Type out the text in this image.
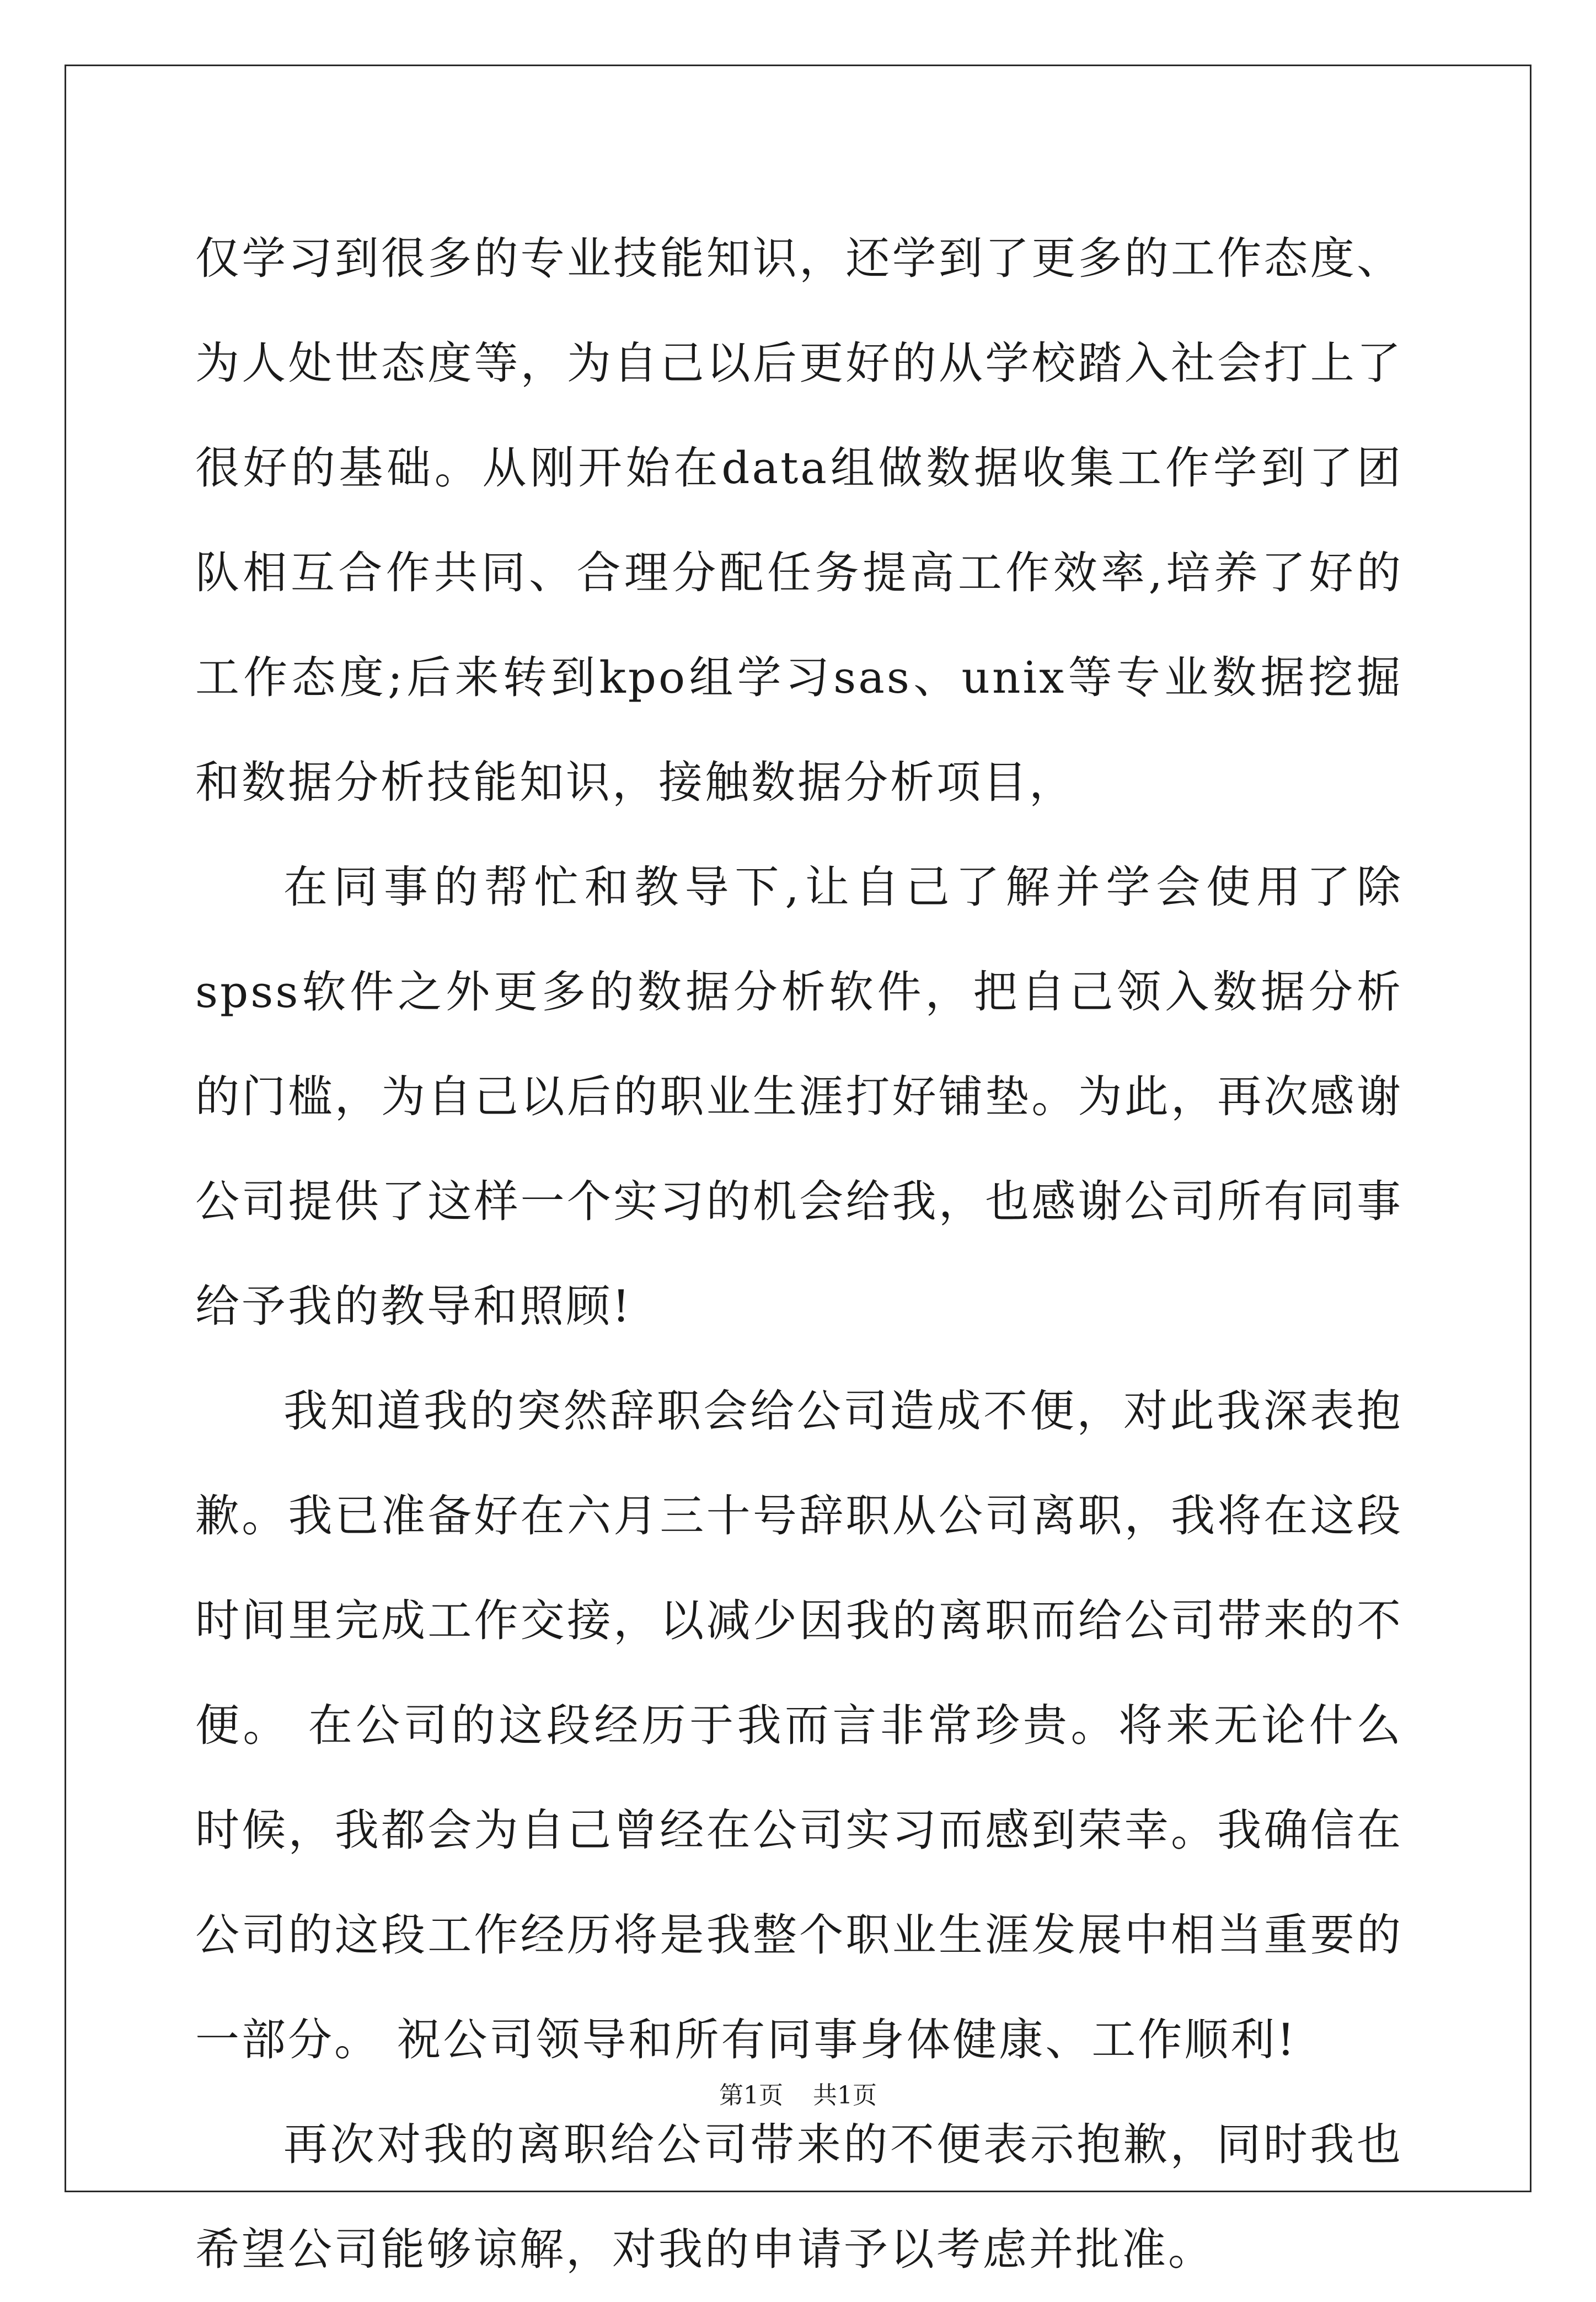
仅学习到很多的专业技能知识，还学到了更多的工作态度、为人处世态度等，为自己以后更好的从学校踏入社会打上了很好的基础。从刚开始在data组做数据收集工作学到了团队相互合作共同、合理分配任务提高工作效率,培养了好的工作态度;后来转到kpo组学习sas、unix等专业数据挖掘和数据分析技能知识，接触数据分析项目，

在同事的帮忙和教导下,让自己了解并学会使用了除spss软件之外更多的数据分析软件，把自己领入数据分析的门槛，为自己以后的职业生涯打好铺垫。为此，再次感谢公司提供了这样一个实习的机会给我，也感谢公司所有同事给予我的教导和照顾!

我知道我的突然辞职会给公司造成不便，对此我深表抱歉。我已准备好在六月三十号辞职从公司离职，我将在这段时间里完成工作交接，以减少因我的离职而给公司带来的不便。 在公司的这段经历于我而言非常珍贵。将来无论什么时候，我都会为自己曾经在公司实习而感到荣幸。我确信在公司的这段工作经历将是我整个职业生涯发展中相当重要的一部分。 祝公司领导和所有同事身体健康、工作顺利!

再次对我的离职给公司带来的不便表示抱歉，同时我也希望公司能够谅解，对我的申请予以考虑并批准。

第1页 共1页
